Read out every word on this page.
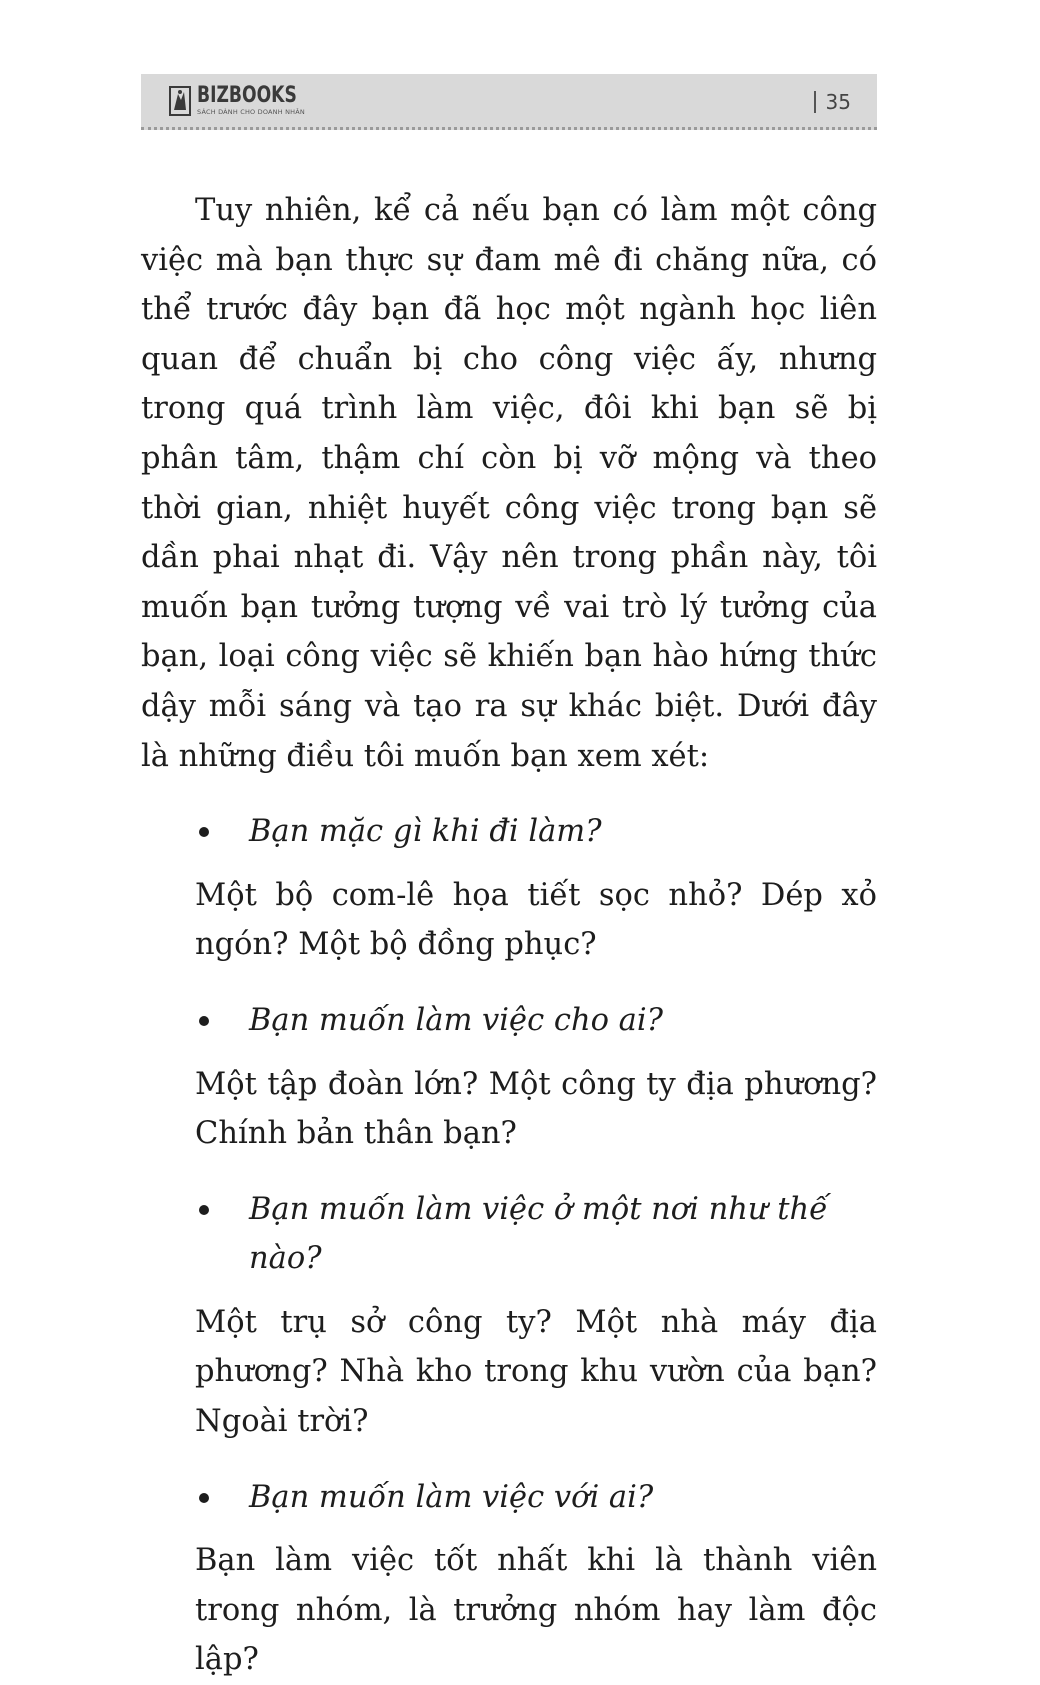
BIZBOOKS
SÁCH DÀNH CHO DOANH NHÂN	35

Tuy nhiên, kể cả nếu bạn có làm một công việc mà bạn thực sự đam mê đi chăng nữa, có thể trước đây bạn đã học một ngành học liên quan để chuẩn bị cho công việc ấy, nhưng trong quá trình làm việc, đôi khi bạn sẽ bị phân tâm, thậm chí còn bị vỡ mộng và theo thời gian, nhiệt huyết công việc trong bạn sẽ dần phai nhạt đi. Vậy nên trong phần này, tôi muốn bạn tưởng tượng về vai trò lý tưởng của bạn, loại công việc sẽ khiến bạn hào hứng thức dậy mỗi sáng và tạo ra sự khác biệt. Dưới đây là những điều tôi muốn bạn xem xét:

Bạn mặc gì khi đi làm?

Một bộ com-lê họa tiết sọc nhỏ? Dép xỏ ngón? Một bộ đồng phục?

Bạn muốn làm việc cho ai?

Một tập đoàn lớn? Một công ty địa phương? Chính bản thân bạn?

Bạn muốn làm việc ở một nơi như thế nào?

Một trụ sở công ty? Một nhà máy địa phương? Nhà kho trong khu vườn của bạn? Ngoài trời?

Bạn muốn làm việc với ai?

Bạn làm việc tốt nhất khi là thành viên trong nhóm, là trưởng nhóm hay làm độc lập?
